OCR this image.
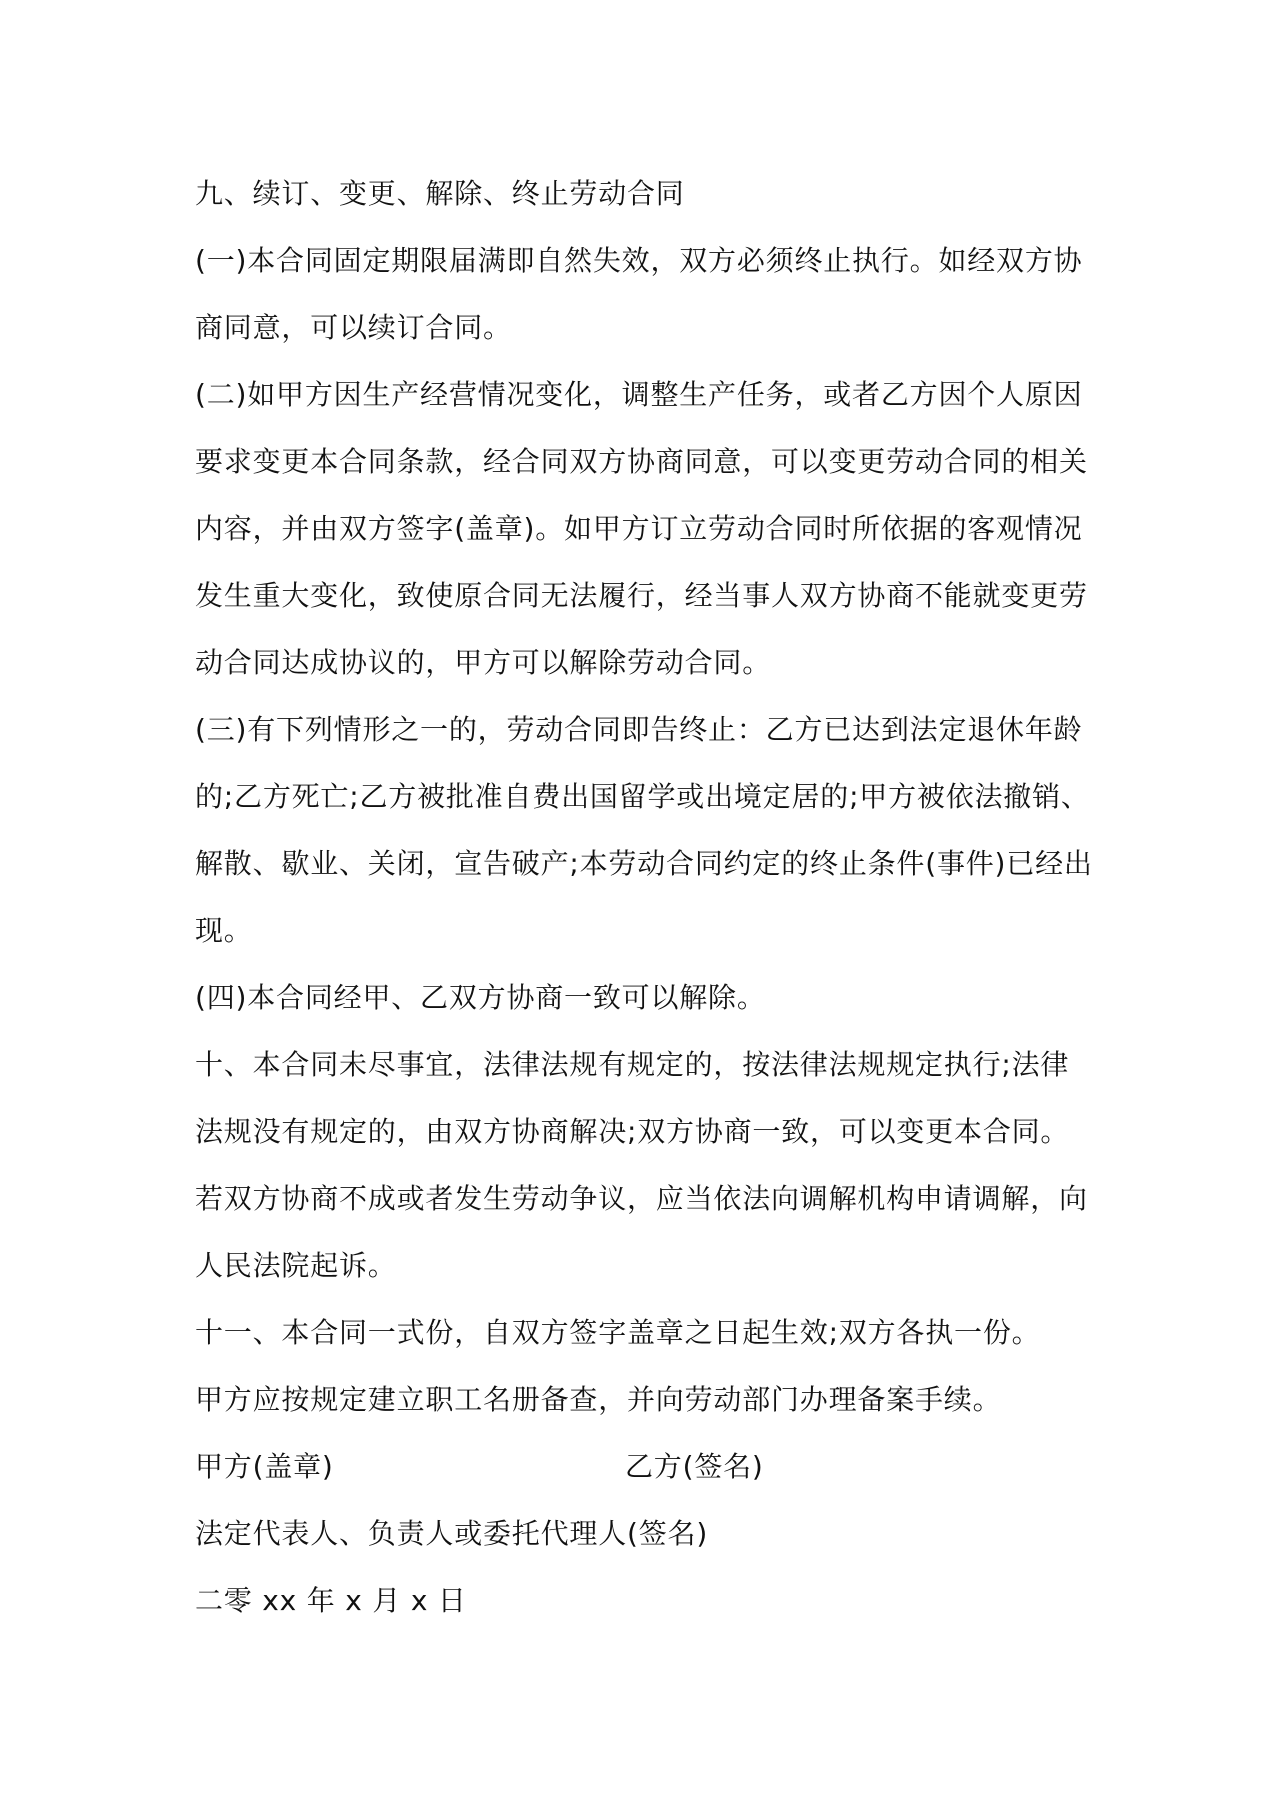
九、续订、变更、解除、终止劳动合同

(一)本合同固定期限届满即自然失效，双方必须终止执行。如经双方协商同意，可以续订合同。

(二)如甲方因生产经营情况变化，调整生产任务，或者乙方因个人原因要求变更本合同条款，经合同双方协商同意，可以变更劳动合同的相关内容，并由双方签字(盖章)。如甲方订立劳动合同时所依据的客观情况发生重大变化，致使原合同无法履行，经当事人双方协商不能就变更劳动合同达成协议的，甲方可以解除劳动合同。

(三)有下列情形之一的，劳动合同即告终止：乙方已达到法定退休年龄的;乙方死亡;乙方被批准自费出国留学或出境定居的;甲方被依法撤销、解散、歇业、关闭，宣告破产;本劳动合同约定的终止条件(事件)已经出现。

(四)本合同经甲、乙双方协商一致可以解除。

十、本合同未尽事宜，法律法规有规定的，按法律法规规定执行;法律法规没有规定的，由双方协商解决;双方协商一致，可以变更本合同。若双方协商不成或者发生劳动争议，应当依法向调解机构申请调解，向人民法院起诉。

十一、本合同一式份，自双方签字盖章之日起生效;双方各执一份。

甲方应按规定建立职工名册备查，并向劳动部门办理备案手续。

甲方(盖章)	乙方(签名)

法定代表人、负责人或委托代理人(签名)

二零 xx 年 x 月 x 日
